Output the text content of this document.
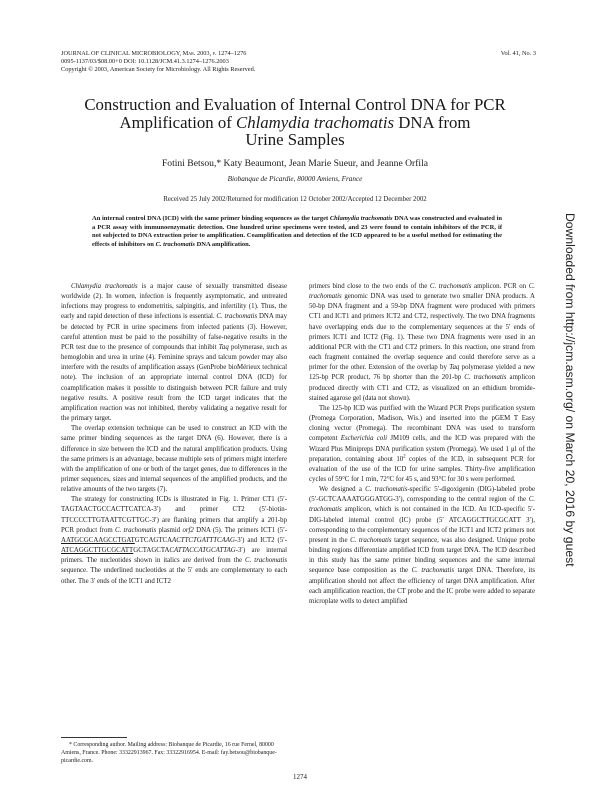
JOURNAL OF CLINICAL MICROBIOLOGY, Mar. 2003, p. 1274–1276
0095-1137/03/$08.00+0 DOI: 10.1128/JCM.41.3.1274–1276.2003
Copyright © 2003, American Society for Microbiology. All Rights Reserved.
Vol. 41, No. 3
Construction and Evaluation of Internal Control DNA for PCR
Amplification of Chlamydia trachomatis DNA from
Urine Samples
Fotini Betsou,* Katy Beaumont, Jean Marie Sueur, and Jeanne Orfila
Biobanque de Picardie, 80000 Amiens, France
Received 25 July 2002/Returned for modification 12 October 2002/Accepted 12 December 2002
An internal control DNA (ICD) with the same primer binding sequences as the target Chlamydia trachomatis DNA was constructed and evaluated in a PCR assay with immunoenzymatic detection. One hundred urine specimens were tested, and 23 were found to contain inhibitors of the PCR, if not subjected to DNA extraction prior to amplification. Coamplification and detection of the ICD appeared to be a useful method for estimating the effects of inhibitors on C. trachomatis DNA amplification.

Chlamydia trachomatis is a major cause of sexually transmitted disease worldwide (2). In women, infection is frequently asymptomatic, and untreated infections may progress to endometritis, salpingitis, and infertility (1). Thus, the early and rapid detection of these infections is essential. C. trachomatis DNA may be detected by PCR in urine specimens from infected patients (3). However, careful attention must be paid to the possibility of false-negative results in the PCR test due to the presence of compounds that inhibit Taq polymerase, such as hemoglobin and urea in urine (4). Feminine sprays and talcum powder may also interfere with the results of amplification assays (GenProbe bioMérieux technical note). The inclusion of an appropriate internal control DNA (ICD) for coamplification makes it possible to distinguish between PCR failure and truly negative results. A positive result from the ICD target indicates that the amplification reaction was not inhibited, thereby validating a negative result for the primary target.

The overlap extension technique can be used to construct an ICD with the same primer binding sequences as the target DNA (6). However, there is a difference in size between the ICD and the natural amplification products. Using the same primers is an advantage, because multiple sets of primers might interfere with the amplification of one or both of the target genes, due to differences in the primer sequences, sizes and internal sequences of the amplified products, and the relative amounts of the two targets (7).

The strategy for constructing ICDs is illustrated in Fig. 1. Primer CT1 (5′-TAGTAACTGCCACTTCATCA-3′) and primer CT2 (5′-biotin-TTCCCCTTGTAATTCGTTGC-3′) are flanking primers that amplify a 201-bp PCR product from C. trachomatis plasmid orf2 DNA (5). The primers ICT1 (5′-AATGCGCAAGCCTGATGTCAGTCAACTTCTGATTTCAAG-3′) and ICT2 (5′-ATCAGGCTTGCGCATTGCTAGCTACATTACCATGCATTAG-3′) are internal primers. The nucleotides shown in italics are derived from the C. trachomatis sequence. The underlined nucleotides at the 5′ ends are complementary to each other. The 3′ ends of the ICT1 and ICT2

primers bind close to the two ends of the C. trachomatis amplicon. PCR on C. trachomatis genomic DNA was used to generate two smaller DNA products. A 50-bp DNA fragment and a 59-bp DNA fragment were produced with primers CT1 and ICT1 and primers ICT2 and CT2, respectively. The two DNA fragments have overlapping ends due to the complementary sequences at the 5′ ends of primers ICT1 and ICT2 (Fig. 1). These two DNA fragments were used in an additional PCR with the CT1 and CT2 primers. In this reaction, one strand from each fragment contained the overlap sequence and could therefore serve as a primer for the other. Extension of the overlap by Taq polymerase yielded a new 125-bp PCR product, 76 bp shorter than the 201-bp C. trachomatis amplicon produced directly with CT1 and CT2, as visualized on an ethidium bromide-stained agarose gel (data not shown).

The 125-bp ICD was purified with the Wizard PCR Preps purification system (Promega Corporation, Madison, Wis.) and inserted into the pGEM T Easy cloning vector (Promega). The recombinant DNA was used to transform competent Escherichia coli JM109 cells, and the ICD was prepared with the Wizard Plus Minipreps DNA purification system (Promega). We used 1 μl of the preparation, containing about $10^2$ copies of the ICD, in subsequent PCR for evaluation of the use of the ICD for urine samples. Thirty-five amplification cycles of 59°C for 1 min, 72°C for 45 s, and 93°C for 30 s were performed.

We designed a C. trachomatis-specific 5′-digoxigenin (DIG)-labeled probe (5′-GCTCAAAATGGGATGG-3′), corresponding to the central region of the C. trachomatis amplicon, which is not contained in the ICD. An ICD-specific 5′-DIG-labeled internal control (IC) probe (5′ ATCAGGCTTGCGCATT 3′), corresponding to the complementary sequences of the ICT1 and ICT2 primers not present in the C. trachomatis target sequence, was also designed. Unique probe binding regions differentiate amplified ICD from target DNA. The ICD described in this study has the same primer binding sequences and the same internal sequence base composition as the C. trachomatis target DNA. Therefore, its amplification should not affect the efficiency of target DNA amplification. After each amplification reaction, the CT probe and the IC probe were added to separate microplate wells to detect amplified

* Corresponding author. Mailing address: Biobanque de Picardie, 16 rue Fernel, 80000 Amiens, France. Phone: 33322913967. Fax: 33322916954. E-mail: fay.betsou@biobanque-picardie.com.
1274
Downloaded from http://jcm.asm.org/ on March 20, 2016 by guest
